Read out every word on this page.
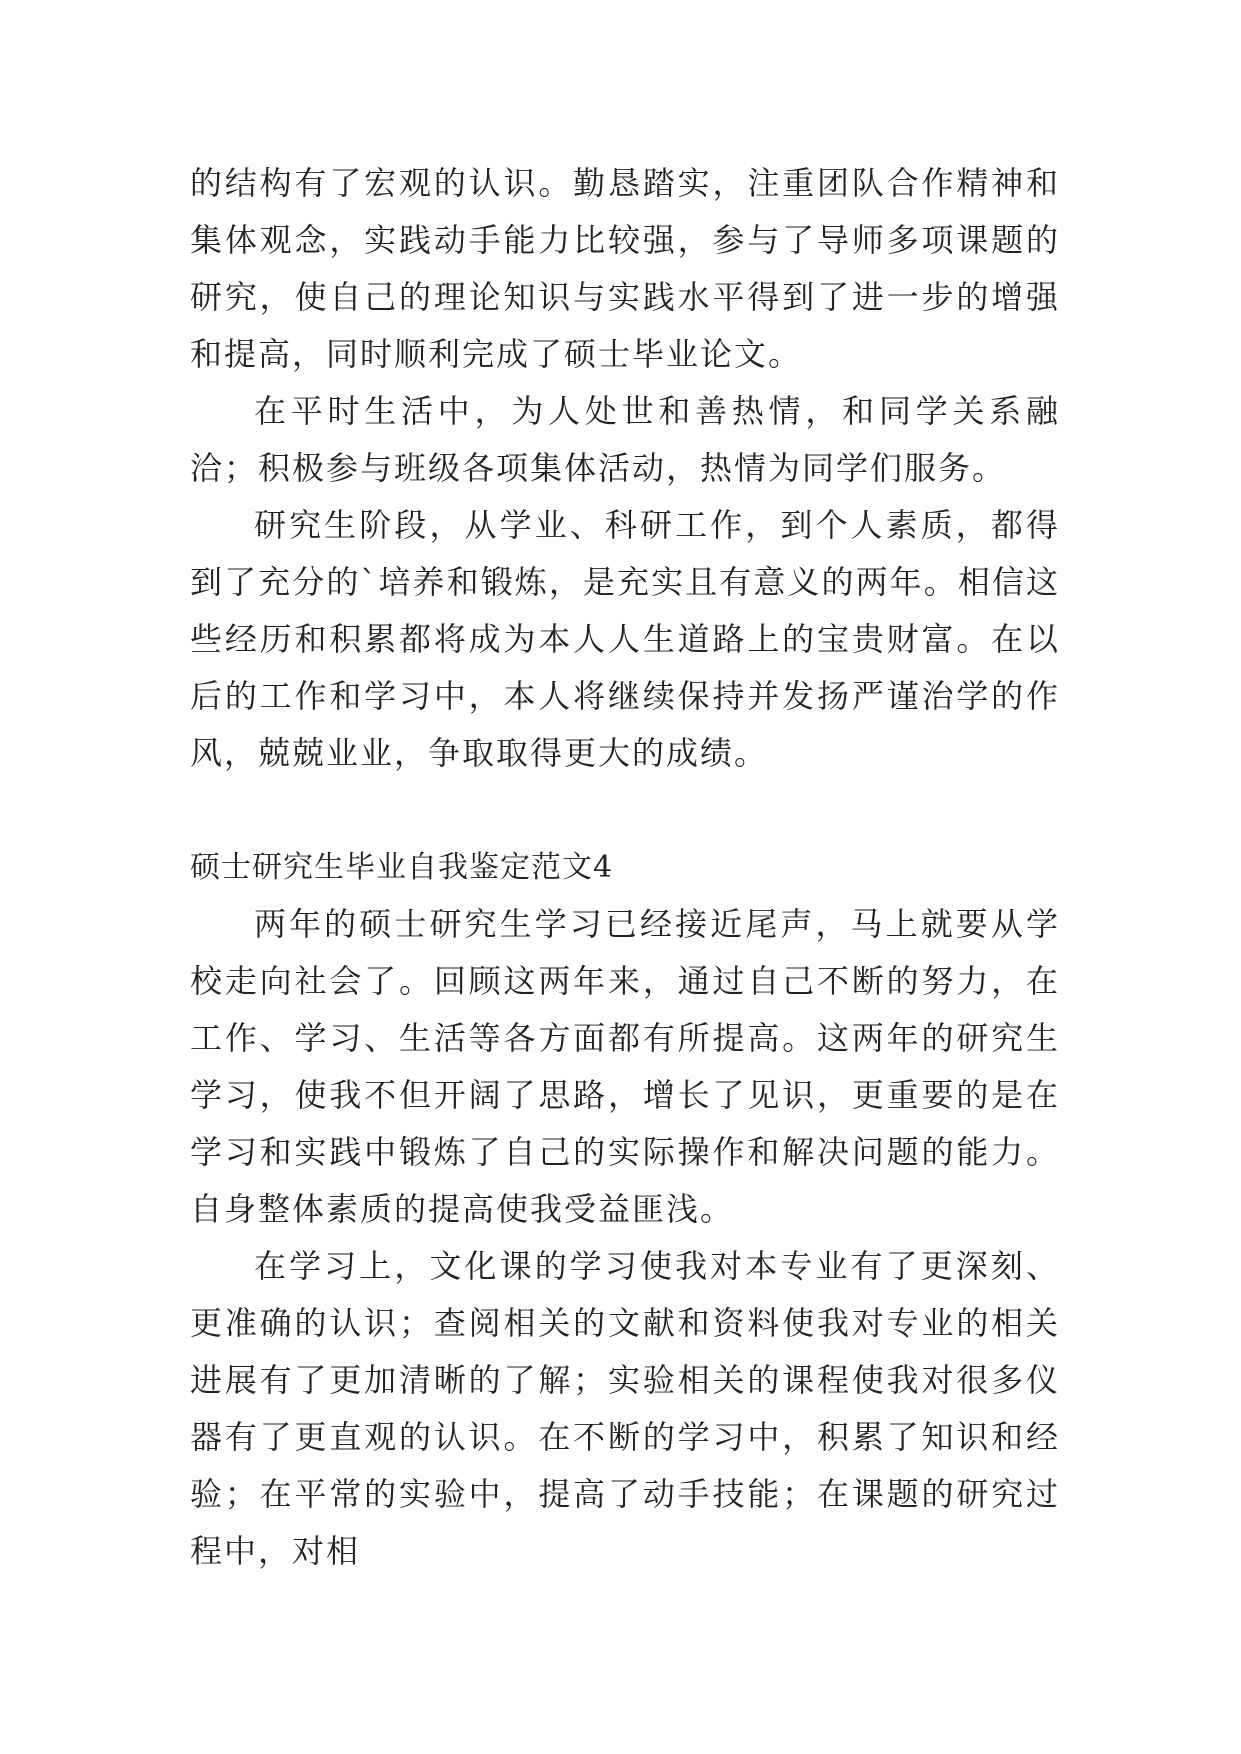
的结构有了宏观的认识。勤恳踏实，注重团队合作精神和集体观念，实践动手能力比较强，参与了导师多项课题的研究，使自己的理论知识与实践水平得到了进一步的增强和提高，同时顺利完成了硕士毕业论文。

在平时生活中，为人处世和善热情，和同学关系融洽；积极参与班级各项集体活动，热情为同学们服务。

研究生阶段，从学业、科研工作，到个人素质，都得到了充分的`培养和锻炼，是充实且有意义的两年。相信这些经历和积累都将成为本人人生道路上的宝贵财富。在以后的工作和学习中，本人将继续保持并发扬严谨治学的作风，兢兢业业，争取取得更大的成绩。

硕士研究生毕业自我鉴定范文4

两年的硕士研究生学习已经接近尾声，马上就要从学校走向社会了。回顾这两年来，通过自己不断的努力，在工作、学习、生活等各方面都有所提高。这两年的研究生学习，使我不但开阔了思路，增长了见识，更重要的是在学习和实践中锻炼了自己的实际操作和解决问题的能力。自身整体素质的提高使我受益匪浅。

在学习上，文化课的学习使我对本专业有了更深刻、更准确的认识；查阅相关的文献和资料使我对专业的相关进展有了更加清晰的了解；实验相关的课程使我对很多仪器有了更直观的认识。在不断的学习中，积累了知识和经验；在平常的实验中，提高了动手技能；在课题的研究过程中，对相
